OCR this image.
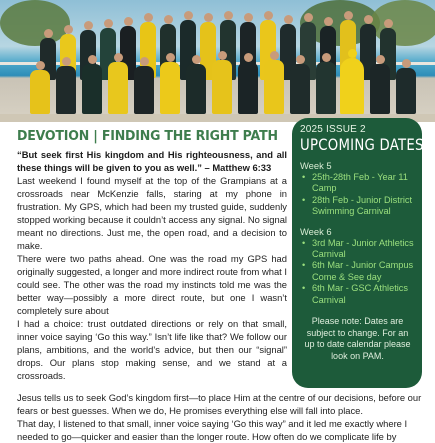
DEVOTION | FINDING THE RIGHT PATH

“But seek first His kingdom and His righteousness, and all these things will be given to you as well.” – Matthew 6:33

Last weekend I found myself at the top of the Grampians at a crossroads near McKenzie falls, staring at my phone in frustration. My GPS, which had been my trusted guide, suddenly stopped working because it couldn’t access any signal. No signal meant no directions. Just me, the open road, and a decision to make.

There were two paths ahead. One was the road my GPS had originally suggested, a longer and more indirect route from what I could see. The other was the road my instincts told me was the better way—possibly a more direct route, but one I wasn’t completely sure about

I had a choice: trust outdated directions or rely on that small, inner voice saying ‘Go this way.” Isn’t life like that? We follow our plans, ambitions, and the world’s advice, but then our “signal” drops. Our plans stop making sense, and we stand at a crossroads.

Jesus tells us to seek God’s kingdom first—to place Him at the centre of our decisions, before our fears or best guesses. When we do, He promises everything else will fall into place.

That day, I listened to that small, inner voice saying ‘Go this way” and it led me exactly where I needed to go—quicker and easier than the longer route. How often do we complicate life by

2025 ISSUE 2
UPCOMING DATES
Week 5
• 25th-28th Feb - Year 11 Camp
• 28th Feb - Junior District Swimming Carnival
Week 6
• 3rd Mar - Junior Athletics Carnival
• 6th Mar - Junior Campus Come & See day
• 6th Mar - GSC Athletics Carnival
Please note: Dates are subject to change. For an up to date calendar please look on PAM.
